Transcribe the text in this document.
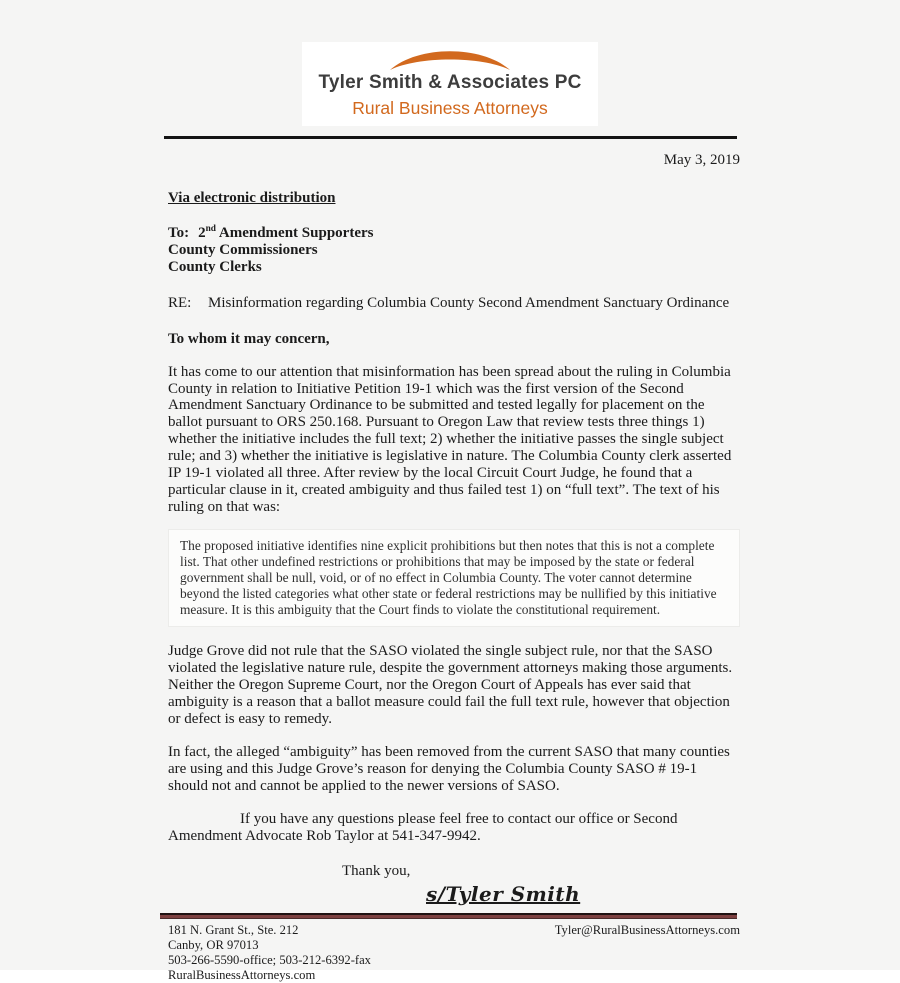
Tyler Smith & Associates PC
Rural Business Attorneys
May 3, 2019
Via electronic distribution
To: 2nd Amendment Supporters
County Commissioners
County Clerks
RE: Misinformation regarding Columbia County Second Amendment Sanctuary Ordinance
To whom it may concern,
It has come to our attention that misinformation has been spread about the ruling in Columbia County in relation to Initiative Petition 19-1 which was the first version of the Second Amendment Sanctuary Ordinance to be submitted and tested legally for placement on the ballot pursuant to ORS 250.168. Pursuant to Oregon Law that review tests three things 1) whether the initiative includes the full text; 2) whether the initiative passes the single subject rule; and 3) whether the initiative is legislative in nature. The Columbia County clerk asserted IP 19-1 violated all three. After review by the local Circuit Court Judge, he found that a particular clause in it, created ambiguity and thus failed test 1) on “full text”. The text of his ruling on that was:
The proposed initiative identifies nine explicit prohibitions but then notes that this is not a complete list. That other undefined restrictions or prohibitions that may be imposed by the state or federal government shall be null, void, or of no effect in Columbia County. The voter cannot determine beyond the listed categories what other state or federal restrictions may be nullified by this initiative measure. It is this ambiguity that the Court finds to violate the constitutional requirement.
Judge Grove did not rule that the SASO violated the single subject rule, nor that the SASO violated the legislative nature rule, despite the government attorneys making those arguments. Neither the Oregon Supreme Court, nor the Oregon Court of Appeals has ever said that ambiguity is a reason that a ballot measure could fail the full text rule, however that objection or defect is easy to remedy.
In fact, the alleged “ambiguity” has been removed from the current SASO that many counties are using and this Judge Grove’s reason for denying the Columbia County SASO # 19-1 should not and cannot be applied to the newer versions of SASO.
If you have any questions please feel free to contact our office or Second Amendment Advocate Rob Taylor at 541-347-9942.
Thank you,
s/Tyler Smith
181 N. Grant St., Ste. 212
Canby, OR 97013
503-266-5590-office; 503-212-6392-fax
RuralBusinessAttorneys.com
Tyler@RuralBusinessAttorneys.com
